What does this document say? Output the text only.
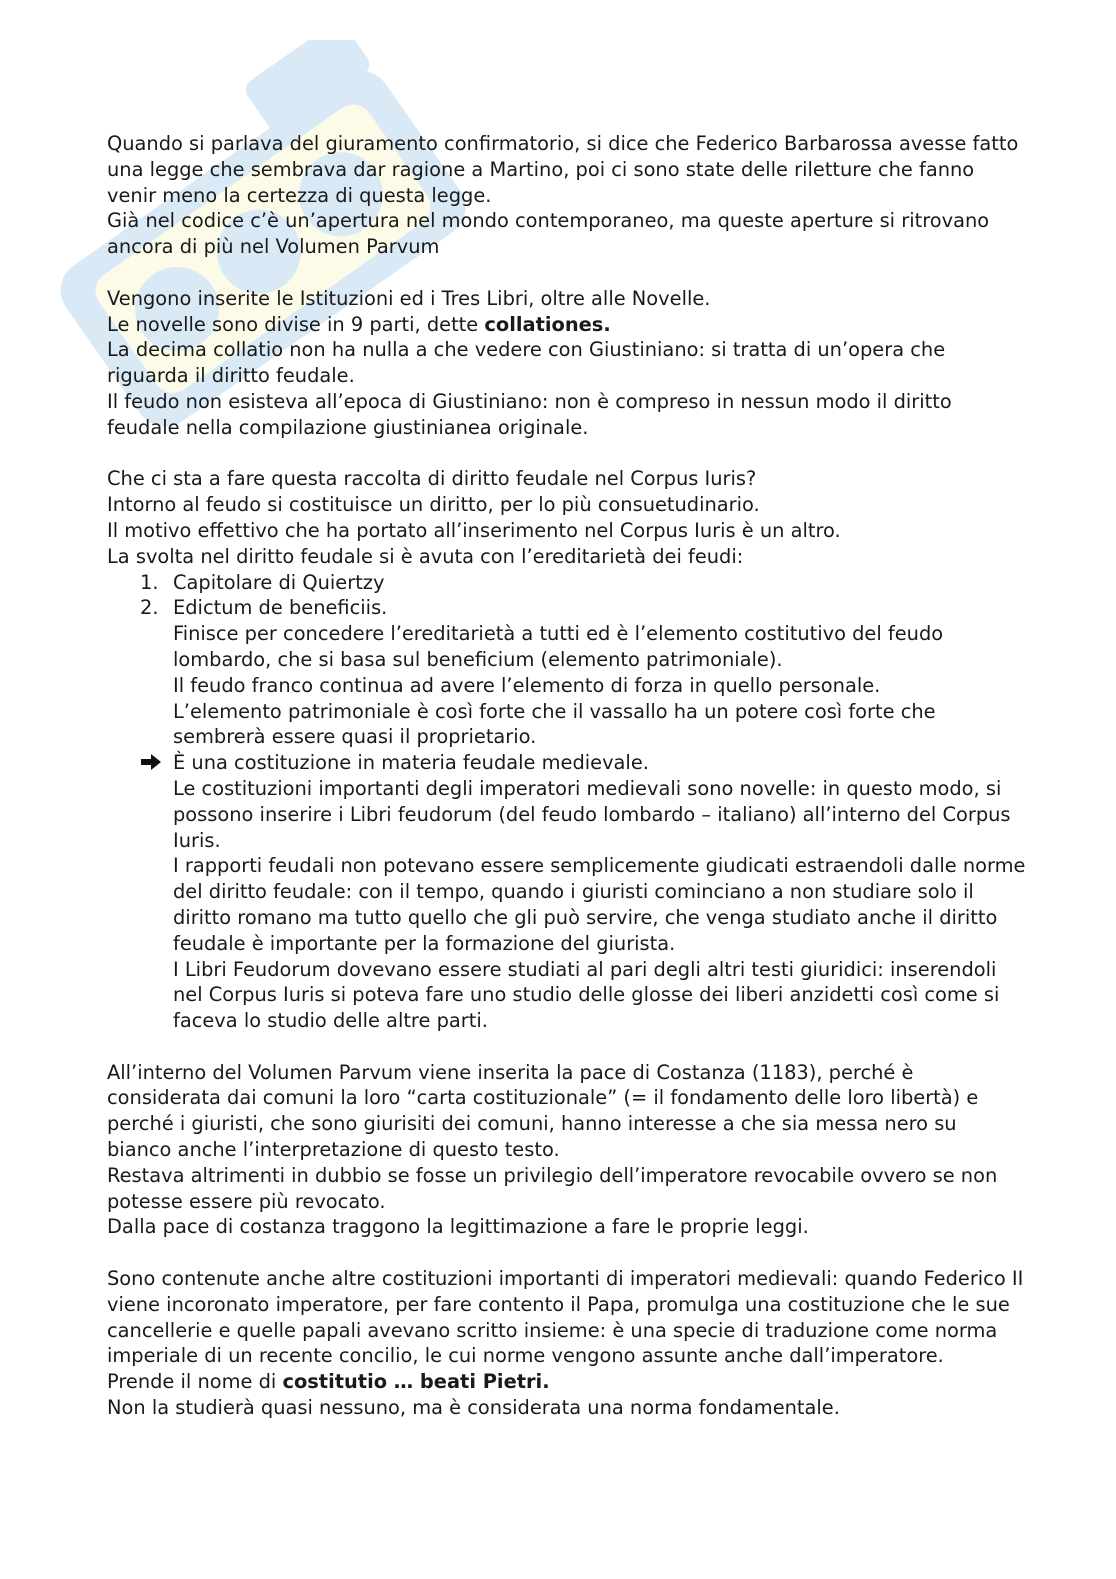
Quando si parlava del giuramento confirmatorio, si dice che Federico Barbarossa avesse fatto una legge che sembrava dar ragione a Martino, poi ci sono state delle riletture che fanno venir meno la certezza di questa legge.

Già nel codice c’è un’apertura nel mondo contemporaneo, ma queste aperture si ritrovano ancora di più nel Volumen Parvum

Vengono inserite le Istituzioni ed i Tres Libri, oltre alle Novelle.

Le novelle sono divise in 9 parti, dette collationes.

La decima collatio non ha nulla a che vedere con Giustiniano: si tratta di un’opera che riguarda il diritto feudale.

Il feudo non esisteva all’epoca di Giustiniano: non è compreso in nessun modo il diritto feudale nella compilazione giustinianea originale.

Che ci sta a fare questa raccolta di diritto feudale nel Corpus Iuris?

Intorno al feudo si costituisce un diritto, per lo più consuetudinario.

Il motivo effettivo che ha portato all’inserimento nel Corpus Iuris è un altro.

La svolta nel diritto feudale si è avuta con l’ereditarietà dei feudi:

1. Capitolare di Quiertzy
2. Edictum de beneficiis.

Finisce per concedere l’ereditarietà a tutti ed è l’elemento costitutivo del feudo lombardo, che si basa sul beneficium (elemento patrimoniale).

Il feudo franco continua ad avere l’elemento di forza in quello personale.

L’elemento patrimoniale è così forte che il vassallo ha un potere così forte che sembrerà essere quasi il proprietario.

È una costituzione in materia feudale medievale.

Le costituzioni importanti degli imperatori medievali sono novelle: in questo modo, si possono inserire i Libri feudorum (del feudo lombardo – italiano) all’interno del Corpus Iuris.

I rapporti feudali non potevano essere semplicemente giudicati estraendoli dalle norme del diritto feudale: con il tempo, quando i giuristi cominciano a non studiare solo il diritto romano ma tutto quello che gli può servire, che venga studiato anche il diritto feudale è importante per la formazione del giurista.

I Libri Feudorum dovevano essere studiati al pari degli altri testi giuridici: inserendoli nel Corpus Iuris si poteva fare uno studio delle glosse dei liberi anzidetti così come si faceva lo studio delle altre parti.

All’interno del Volumen Parvum viene inserita la pace di Costanza (1183), perché è considerata dai comuni la loro “carta costituzionale” (= il fondamento delle loro libertà) e perché i giuristi, che sono giurisiti dei comuni, hanno interesse a che sia messa nero su bianco anche l’interpretazione di questo testo.

Restava altrimenti in dubbio se fosse un privilegio dell’imperatore revocabile ovvero se non potesse essere più revocato.

Dalla pace di costanza traggono la legittimazione a fare le proprie leggi.

Sono contenute anche altre costituzioni importanti di imperatori medievali: quando Federico II viene incoronato imperatore, per fare contento il Papa, promulga una costituzione che le sue cancellerie e quelle papali avevano scritto insieme: è una specie di traduzione come norma imperiale di un recente concilio, le cui norme vengono assunte anche dall’imperatore.

Prende il nome di costitutio … beati Pietri.

Non la studierà quasi nessuno, ma è considerata una norma fondamentale.
